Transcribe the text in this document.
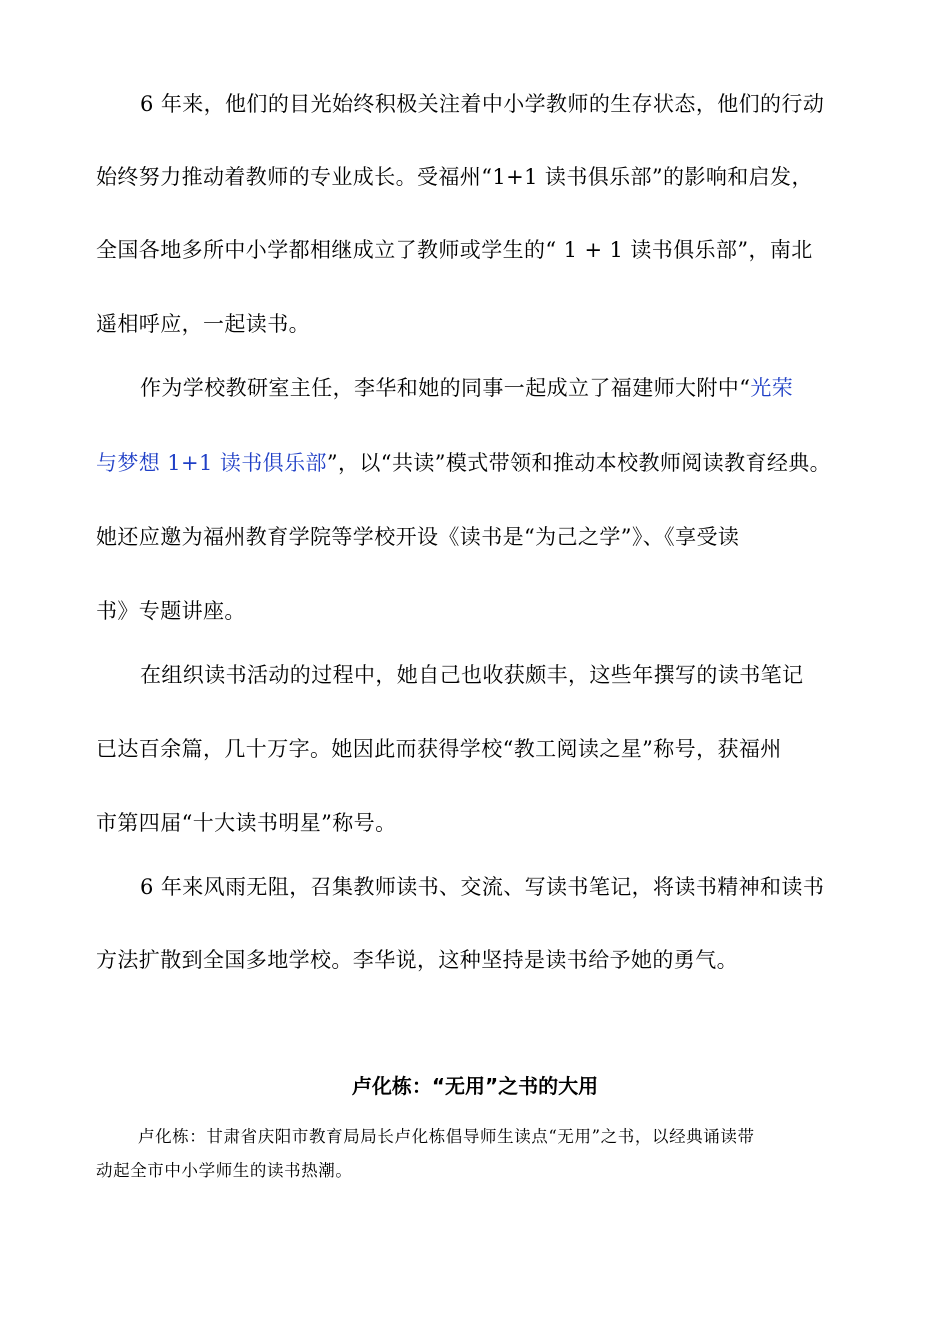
6 年来，他们的目光始终积极关注着中小学教师的生存状态，他们的行动
始终努力推动着教师的专业成长。受福州“1+1 读书俱乐部”的影响和启发，
全国各地多所中小学都相继成立了教师或学生的“ 1 + 1 读书俱乐部”，南北
遥相呼应，一起读书。
作为学校教研室主任，李华和她的同事一起成立了福建师大附中“光荣
与梦想 1+1 读书俱乐部”，以“共读”模式带领和推动本校教师阅读教育经典。
她还应邀为福州教育学院等学校开设《读书是“为己之学”》、《享受读
书》专题讲座。
在组织读书活动的过程中，她自己也收获颇丰，这些年撰写的读书笔记
已达百余篇，几十万字。她因此而获得学校“教工阅读之星”称号，获福州
市第四届“十大读书明星”称号。
6 年来风雨无阻，召集教师读书、交流、写读书笔记，将读书精神和读书
方法扩散到全国多地学校。李华说，这种坚持是读书给予她的勇气。
卢化栋：“无用”之书的大用
卢化栋：甘肃省庆阳市教育局局长卢化栋倡导师生读点“无用”之书，以经典诵读带
动起全市中小学师生的读书热潮。
